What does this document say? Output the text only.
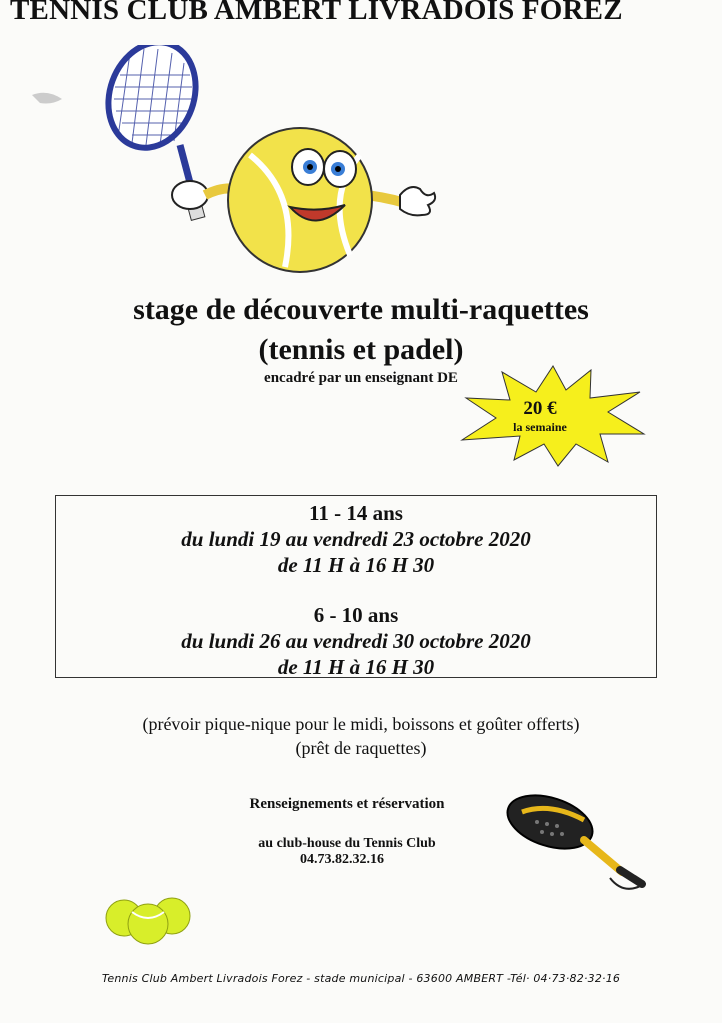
TENNIS CLUB AMBERT LIVRADOIS FOREZ
stage de découverte multi-raquettes
(tennis et padel)
encadré par un enseignant DE
20 €
la semaine
11 - 14 ans
du lundi 19 au vendredi 23 octobre 2020
de 11 H à 16 H 30
6 - 10 ans
du lundi 26 au vendredi 30 octobre 2020
de 11 H à 16 H 30
(prévoir pique-nique pour le midi, boissons et goûter offerts)
(prêt de raquettes)
Renseignements et réservation
au club-house du Tennis Club
04.73.82.32.16
Tennis Club Ambert Livradois Forez - stade municipal - 63600 AMBERT -Tél· 04·73·82·32·16
